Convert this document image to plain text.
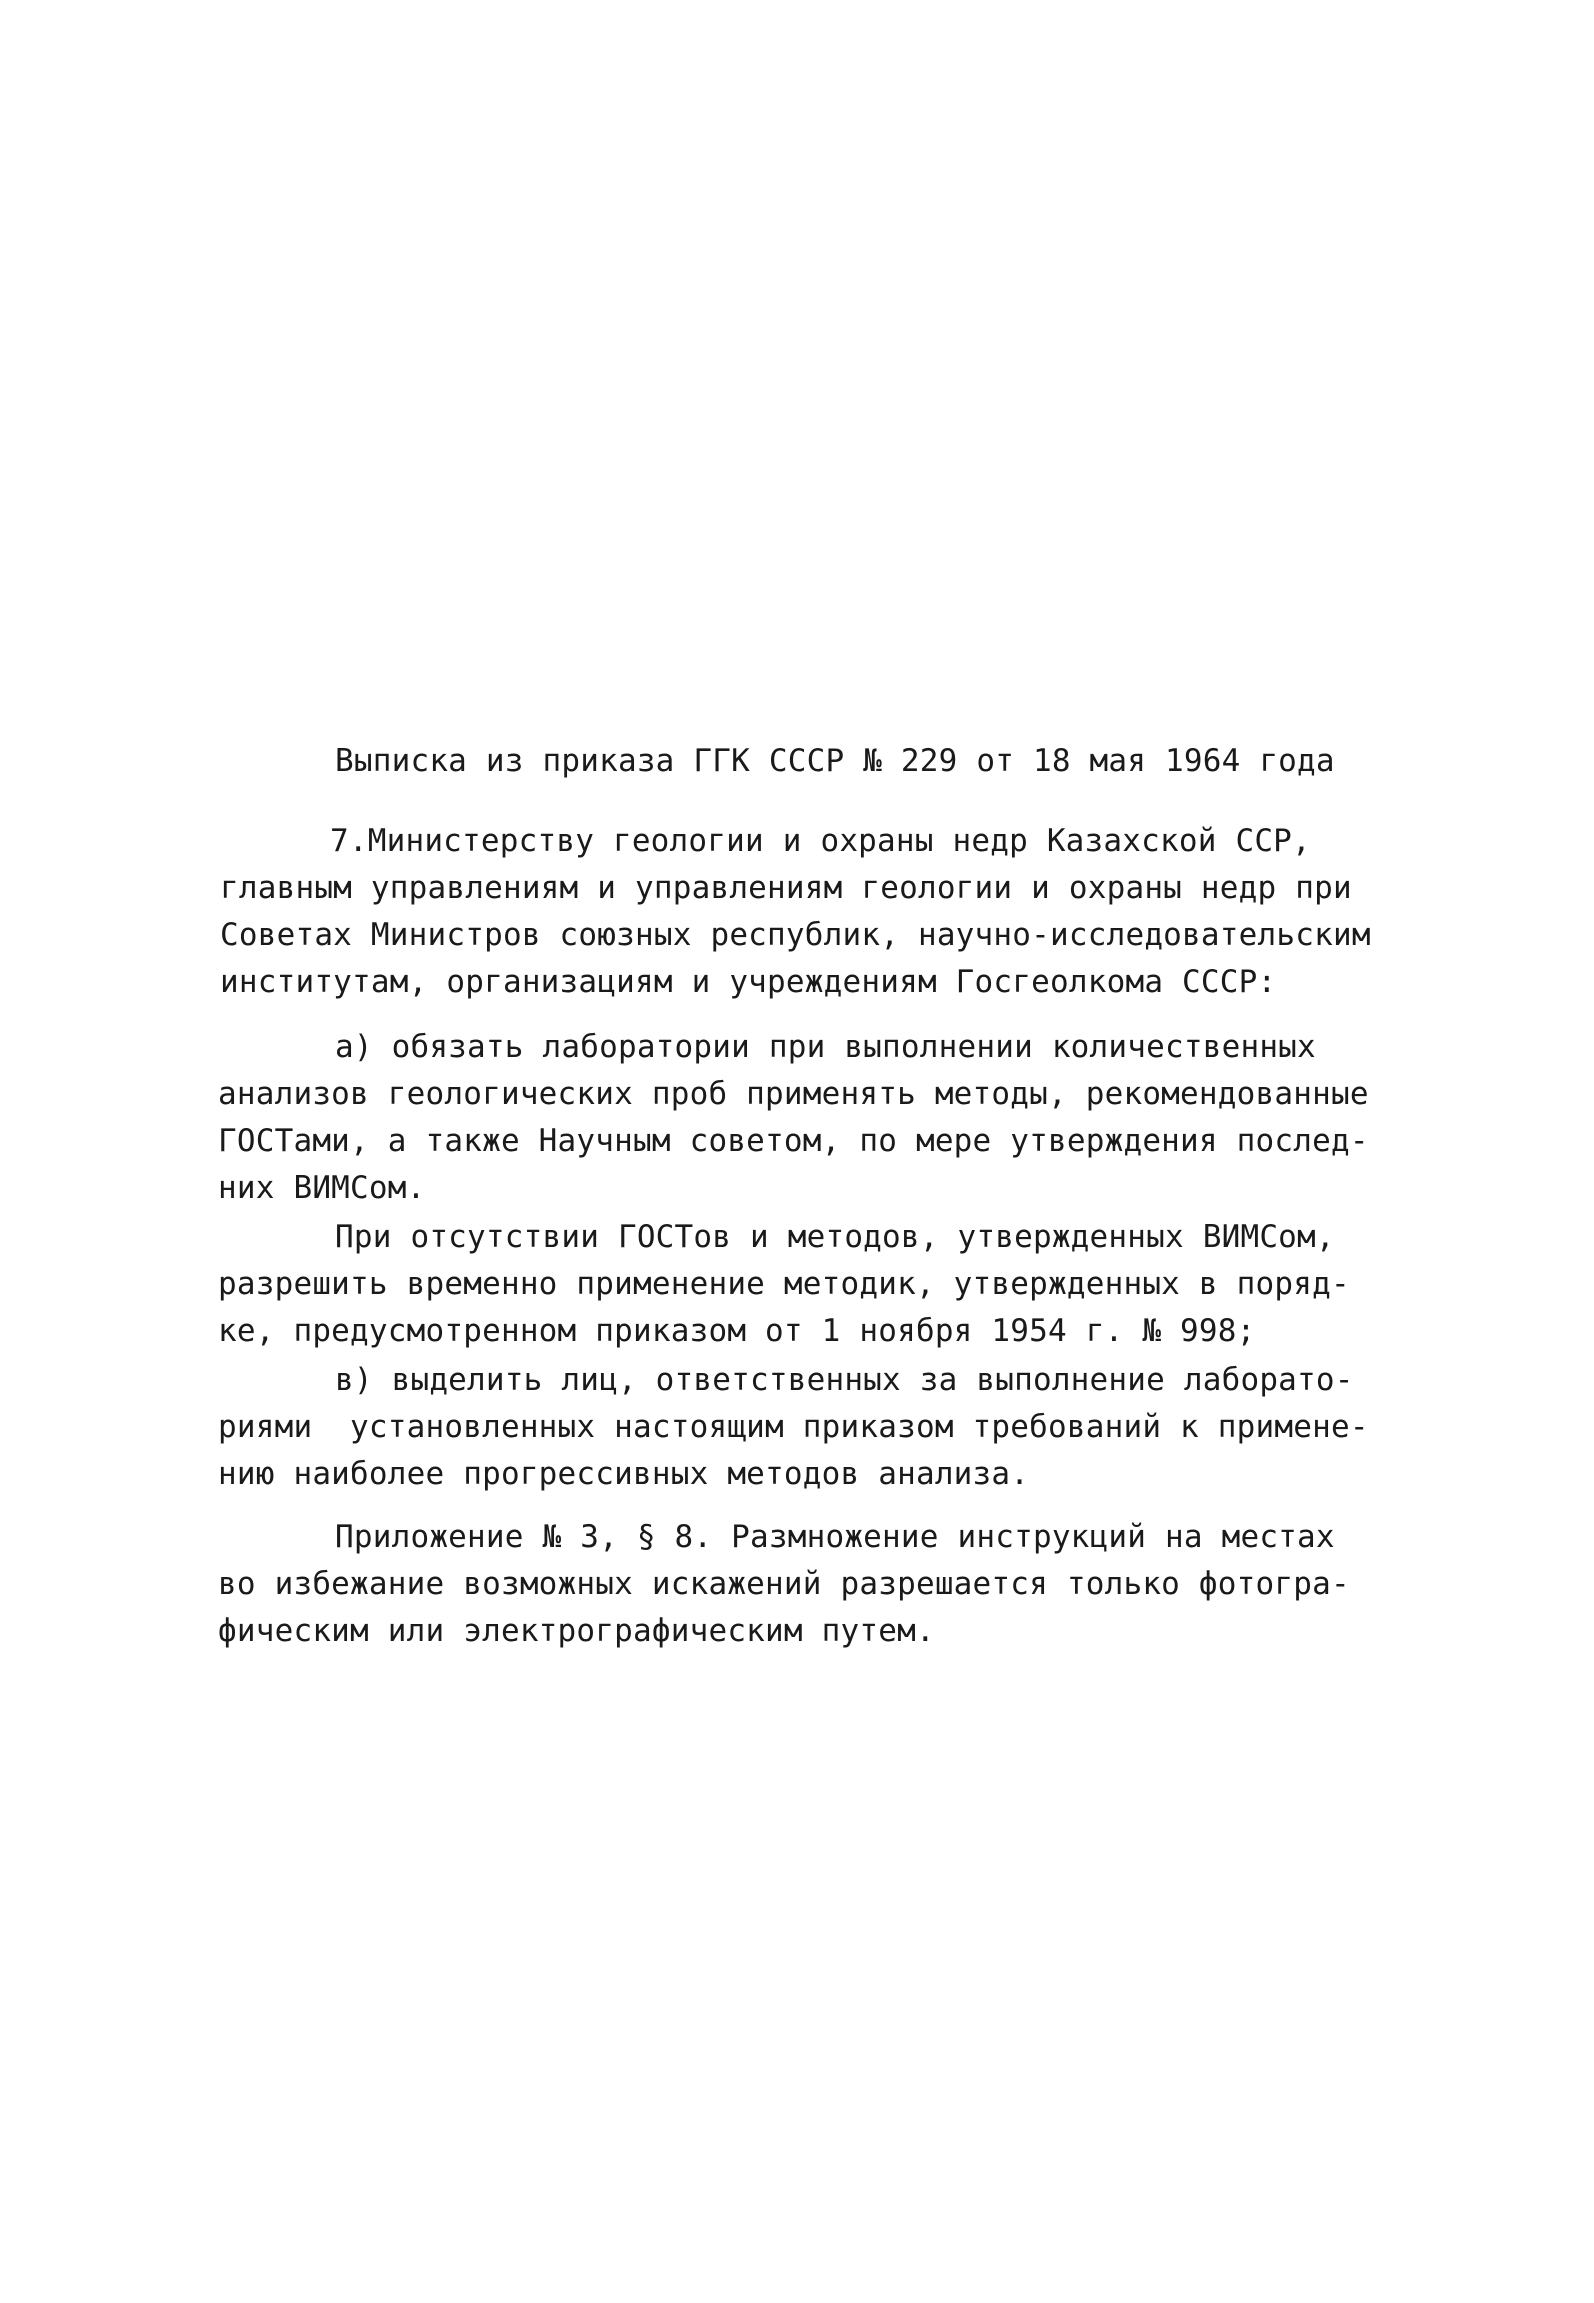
Выписка из приказа ГГК СССР № 229 от 18 мая 1964 года

7.Министерству геологии и охраны недр Казахской ССР,

главным управлениям и управлениям геологии и охраны недр при

Советах Министров союзных республик, научно-исследовательским

институтам, организациям и учреждениям Госгеолкома СССР:

а) обязать лаборатории при выполнении количественных

анализов геологических проб применять методы, рекомендованные

ГОСТами, а также Научным советом, по мере утверждения послед-

них ВИМСом.

При отсутствии ГОСТов и методов, утвержденных ВИМСом,

разрешить временно применение методик, утвержденных в поряд-

ке, предусмотренном приказом от 1 ноября 1954 г. № 998;

в) выделить лиц, ответственных за выполнение лаборато-

риями  установленных настоящим приказом требований к примене-

нию наиболее прогрессивных методов анализа.

Приложение № 3, § 8. Размножение инструкций на местах

во избежание возможных искажений разрешается только фотогра-

фическим или электрографическим путем.
